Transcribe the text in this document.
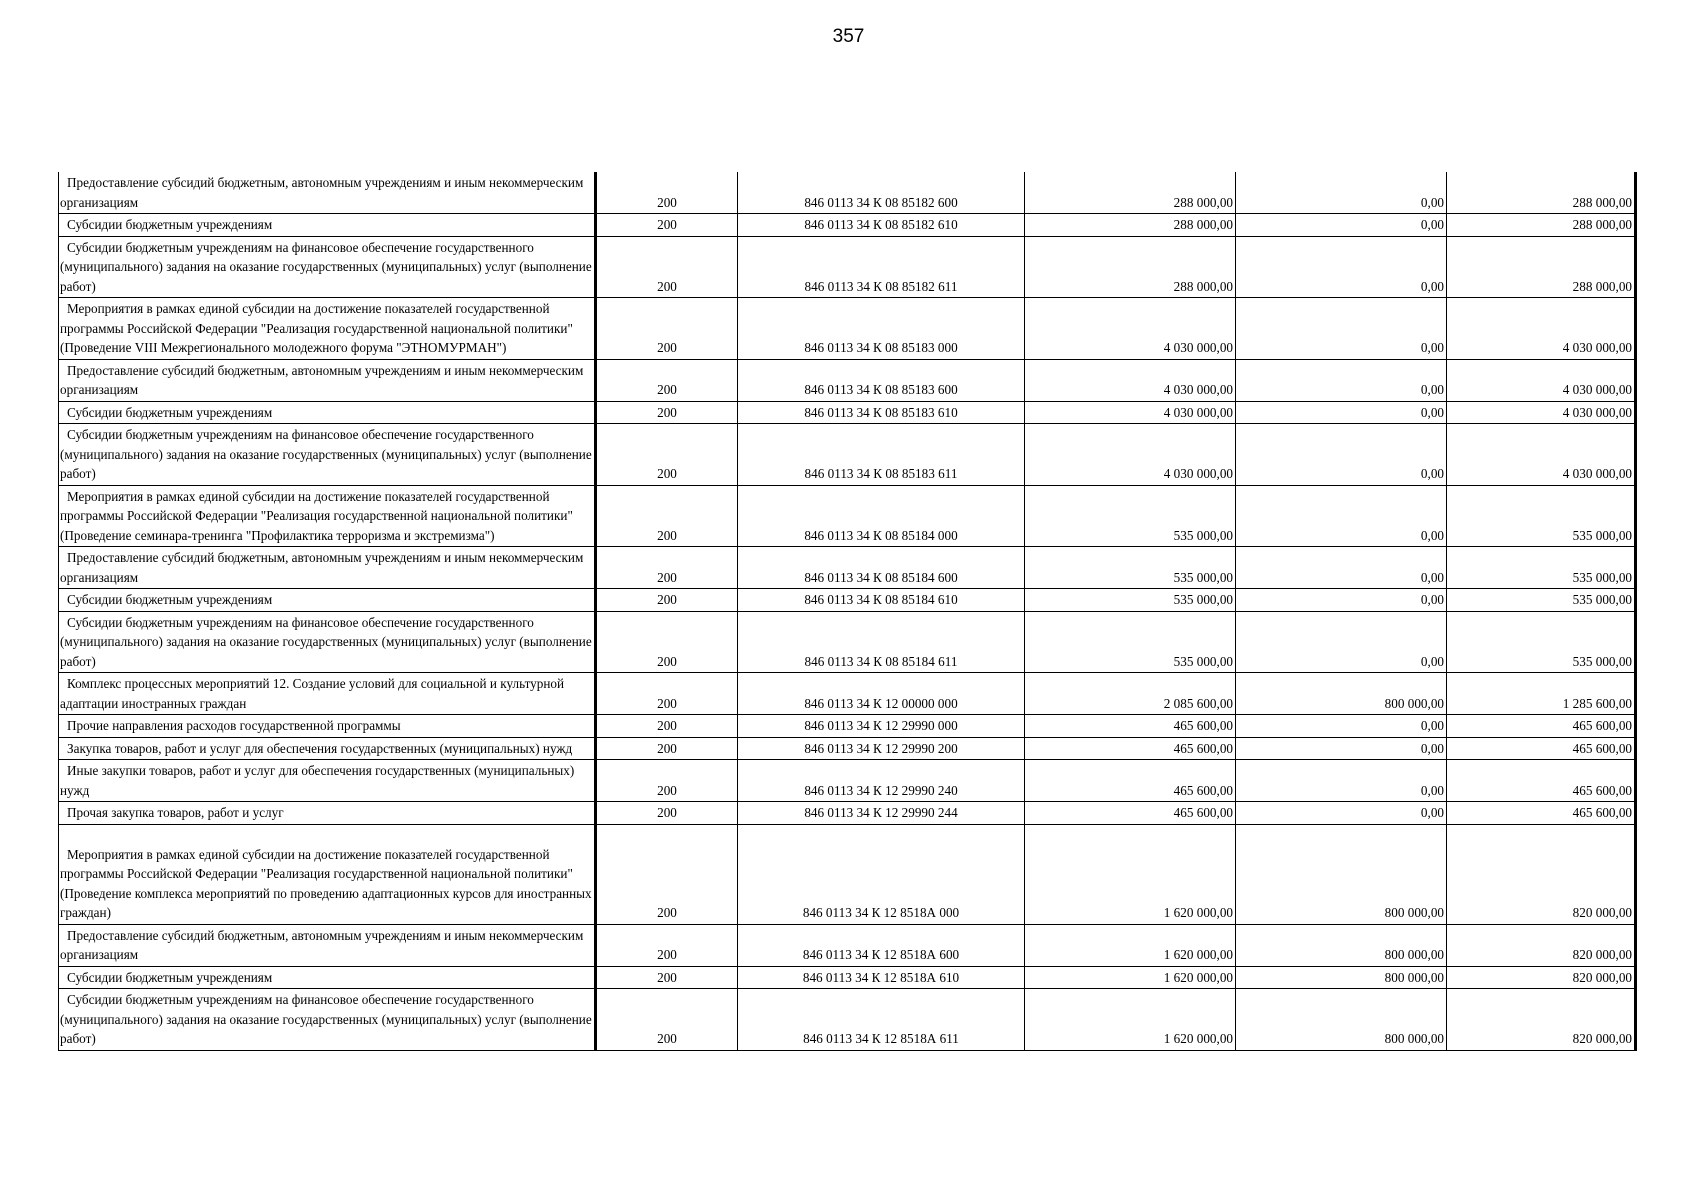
357
Предоставление субсидий бюджетным, автономным учреждениям и иным некоммерческим организациям	200	846 0113 34 К 08 85182 600	288 000,00	0,00	288 000,00

Субсидии бюджетным учреждениям	200	846 0113 34 К 08 85182 610	288 000,00	0,00	288 000,00

Субсидии бюджетным учреждениям на финансовое обеспечение государственного (муниципального) задания на оказание государственных (муниципальных) услуг (выполнение работ)	200	846 0113 34 К 08 85182 611	288 000,00	0,00	288 000,00

Мероприятия в рамках единой субсидии на достижение показателей государственной программы Российской Федерации "Реализация государственной национальной политики" (Проведение VIII Межрегионального молодежного форума "ЭТНОМУРМАН")	200	846 0113 34 К 08 85183 000	4 030 000,00	0,00	4 030 000,00

Предоставление субсидий бюджетным, автономным учреждениям и иным некоммерческим организациям	200	846 0113 34 К 08 85183 600	4 030 000,00	0,00	4 030 000,00

Субсидии бюджетным учреждениям	200	846 0113 34 К 08 85183 610	4 030 000,00	0,00	4 030 000,00

Субсидии бюджетным учреждениям на финансовое обеспечение государственного (муниципального) задания на оказание государственных (муниципальных) услуг (выполнение работ)	200	846 0113 34 К 08 85183 611	4 030 000,00	0,00	4 030 000,00

Мероприятия в рамках единой субсидии на достижение показателей государственной программы Российской Федерации "Реализация государственной национальной политики" (Проведение семинара-тренинга "Профилактика терроризма и экстремизма")	200	846 0113 34 К 08 85184 000	535 000,00	0,00	535 000,00

Предоставление субсидий бюджетным, автономным учреждениям и иным некоммерческим организациям	200	846 0113 34 К 08 85184 600	535 000,00	0,00	535 000,00

Субсидии бюджетным учреждениям	200	846 0113 34 К 08 85184 610	535 000,00	0,00	535 000,00

Субсидии бюджетным учреждениям на финансовое обеспечение государственного (муниципального) задания на оказание государственных (муниципальных) услуг (выполнение работ)	200	846 0113 34 К 08 85184 611	535 000,00	0,00	535 000,00

Комплекс процессных мероприятий 12. Создание условий для социальной и культурной адаптации иностранных граждан	200	846 0113 34 К 12 00000 000	2 085 600,00	800 000,00	1 285 600,00

Прочие направления расходов государственной программы	200	846 0113 34 К 12 29990 000	465 600,00	0,00	465 600,00

Закупка товаров, работ и услуг для обеспечения государственных (муниципальных) нужд	200	846 0113 34 К 12 29990 200	465 600,00	0,00	465 600,00

Иные закупки товаров, работ и услуг для обеспечения государственных (муниципальных) нужд	200	846 0113 34 К 12 29990 240	465 600,00	0,00	465 600,00

Прочая закупка товаров, работ и услуг	200	846 0113 34 К 12 29990 244	465 600,00	0,00	465 600,00

Мероприятия в рамках единой субсидии на достижение показателей государственной программы Российской Федерации "Реализация государственной национальной политики" (Проведение комплекса мероприятий по проведению адаптационных курсов для иностранных граждан)	200	846 0113 34 К 12 8518А 000	1 620 000,00	800 000,00	820 000,00

Предоставление субсидий бюджетным, автономным учреждениям и иным некоммерческим организациям	200	846 0113 34 К 12 8518А 600	1 620 000,00	800 000,00	820 000,00

Субсидии бюджетным учреждениям	200	846 0113 34 К 12 8518А 610	1 620 000,00	800 000,00	820 000,00

Субсидии бюджетным учреждениям на финансовое обеспечение государственного (муниципального) задания на оказание государственных (муниципальных) услуг (выполнение работ)	200	846 0113 34 К 12 8518А 611	1 620 000,00	800 000,00	820 000,00
